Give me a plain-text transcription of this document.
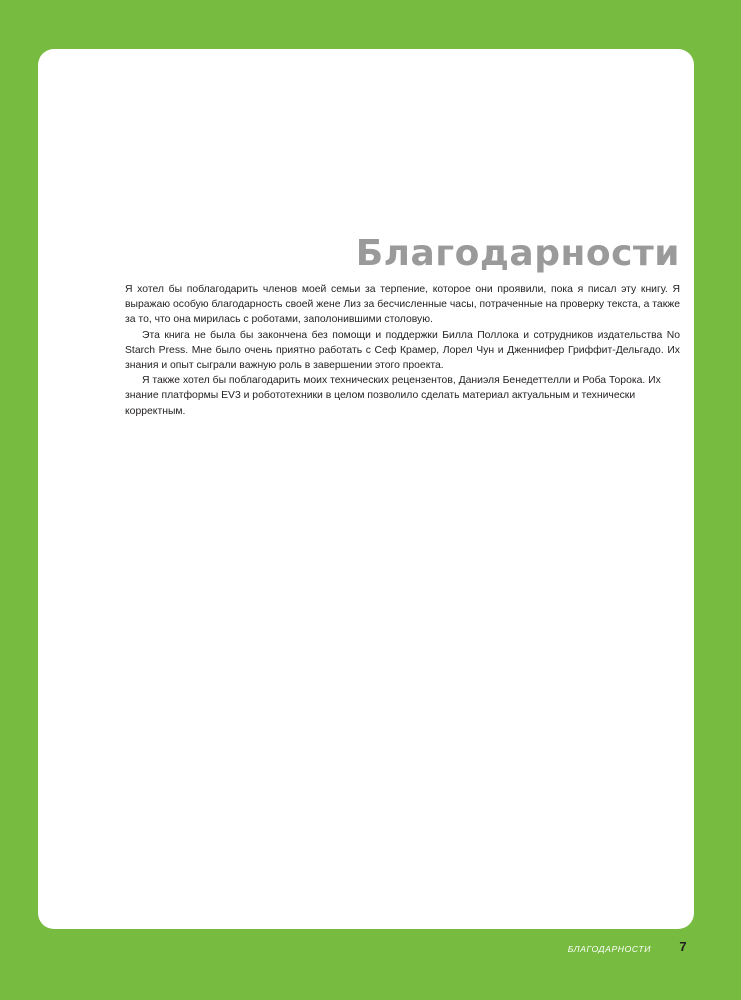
Благодарности

Я хотел бы поблагодарить членов моей семьи за терпение, которое они проявили, пока я писал эту книгу. Я выражаю особую благодарность своей жене Лиз за бесчисленные часы, потраченные на проверку текста, а также за то, что она мирилась с роботами, заполонившими столовую.

Эта книга не была бы закончена без помощи и поддержки Билла Поллока и сотрудников издательства No Starch Press. Мне было очень приятно работать с Сеф Крамер, Лорел Чун и Дженнифер Гриффит-Дельгадо. Их знания и опыт сыграли важную роль в завершении этого проекта.

Я также хотел бы поблагодарить моих технических рецензентов, Даниэля Бенедеттелли и Роба Торока. Их знание платформы EV3 и робототехники в целом позволило сделать материал актуальным и технически корректным.

БЛАГОДАРНОСТИ	7
